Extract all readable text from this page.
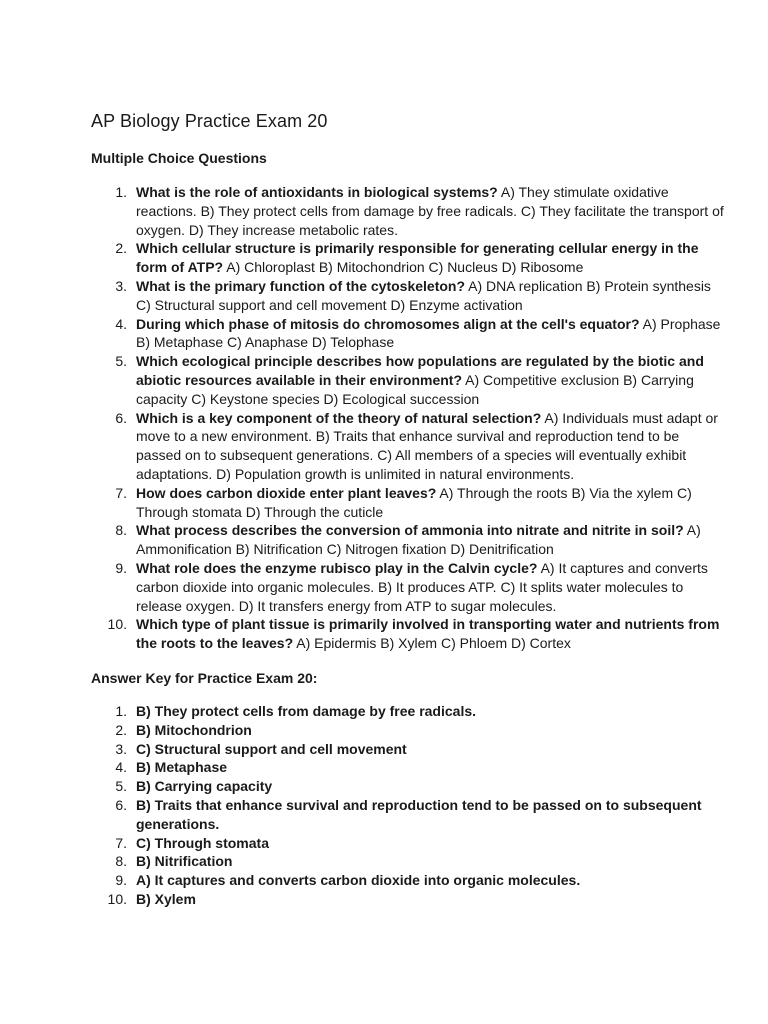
AP Biology Practice Exam 20
Multiple Choice Questions
1. What is the role of antioxidants in biological systems? A) They stimulate oxidative reactions. B) They protect cells from damage by free radicals. C) They facilitate the transport of oxygen. D) They increase metabolic rates.
2. Which cellular structure is primarily responsible for generating cellular energy in the form of ATP? A) Chloroplast B) Mitochondrion C) Nucleus D) Ribosome
3. What is the primary function of the cytoskeleton? A) DNA replication B) Protein synthesis C) Structural support and cell movement D) Enzyme activation
4. During which phase of mitosis do chromosomes align at the cell's equator? A) Prophase B) Metaphase C) Anaphase D) Telophase
5. Which ecological principle describes how populations are regulated by the biotic and abiotic resources available in their environment? A) Competitive exclusion B) Carrying capacity C) Keystone species D) Ecological succession
6. Which is a key component of the theory of natural selection? A) Individuals must adapt or move to a new environment. B) Traits that enhance survival and reproduction tend to be passed on to subsequent generations. C) All members of a species will eventually exhibit adaptations. D) Population growth is unlimited in natural environments.
7. How does carbon dioxide enter plant leaves? A) Through the roots B) Via the xylem C) Through stomata D) Through the cuticle
8. What process describes the conversion of ammonia into nitrate and nitrite in soil? A) Ammonification B) Nitrification C) Nitrogen fixation D) Denitrification
9. What role does the enzyme rubisco play in the Calvin cycle? A) It captures and converts carbon dioxide into organic molecules. B) It produces ATP. C) It splits water molecules to release oxygen. D) It transfers energy from ATP to sugar molecules.
10. Which type of plant tissue is primarily involved in transporting water and nutrients from the roots to the leaves? A) Epidermis B) Xylem C) Phloem D) Cortex
Answer Key for Practice Exam 20:
1. B) They protect cells from damage by free radicals.
2. B) Mitochondrion
3. C) Structural support and cell movement
4. B) Metaphase
5. B) Carrying capacity
6. B) Traits that enhance survival and reproduction tend to be passed on to subsequent generations.
7. C) Through stomata
8. B) Nitrification
9. A) It captures and converts carbon dioxide into organic molecules.
10. B) Xylem
